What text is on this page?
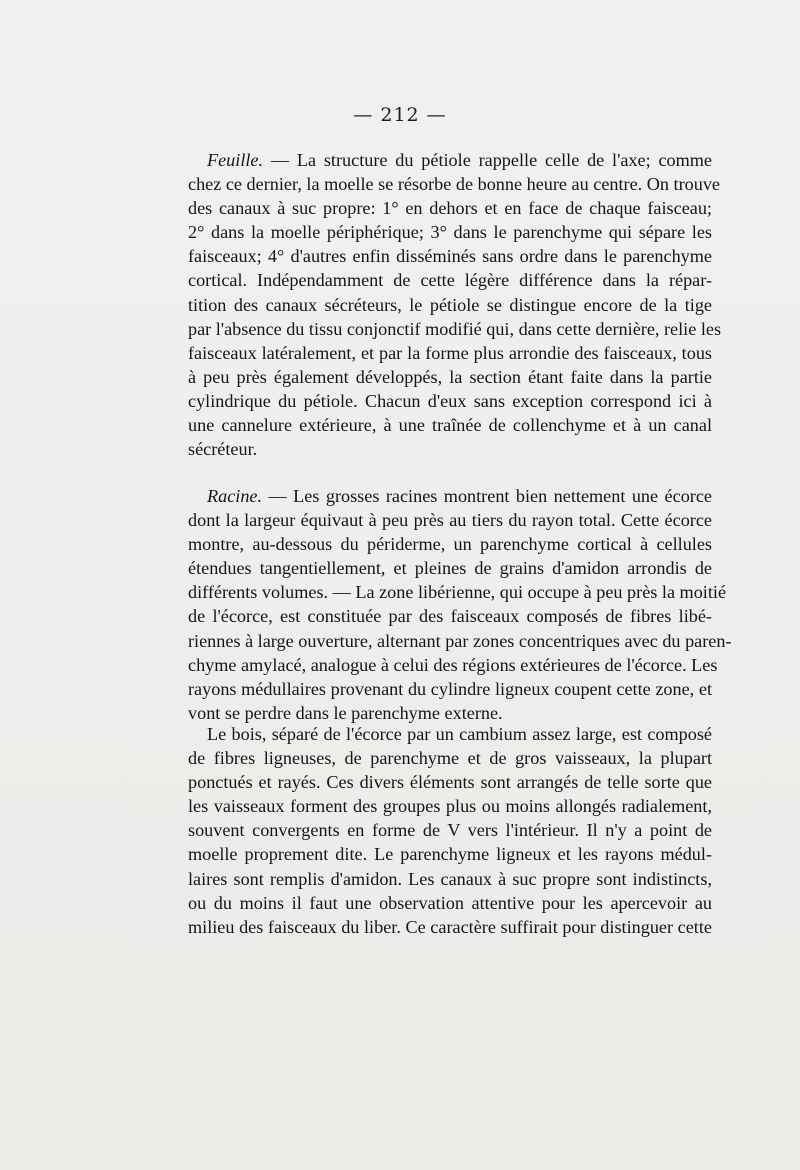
— 212 —
Feuille. — La structure du pétiole rappelle celle de l'axe; comme
chez ce dernier, la moelle se résorbe de bonne heure au centre. On trouve
des canaux à suc propre: 1° en dehors et en face de chaque faisceau;
2° dans la moelle périphérique; 3° dans le parenchyme qui sépare les
faisceaux; 4° d'autres enfin disséminés sans ordre dans le parenchyme
cortical. Indépendamment de cette légère différence dans la répar-
tition des canaux sécréteurs, le pétiole se distingue encore de la tige
par l'absence du tissu conjonctif modifié qui, dans cette dernière, relie les
faisceaux latéralement, et par la forme plus arrondie des faisceaux, tous
à peu près également développés, la section étant faite dans la partie
cylindrique du pétiole. Chacun d'eux sans exception correspond ici à
une cannelure extérieure, à une traînée de collenchyme et à un canal
sécréteur.
Racine. — Les grosses racines montrent bien nettement une écorce
dont la largeur équivaut à peu près au tiers du rayon total. Cette écorce
montre, au-dessous du périderme, un parenchyme cortical à cellules
étendues tangentiellement, et pleines de grains d'amidon arrondis de
différents volumes. — La zone libérienne, qui occupe à peu près la moitié
de l'écorce, est constituée par des faisceaux composés de fibres libé-
riennes à large ouverture, alternant par zones concentriques avec du paren-
chyme amylacé, analogue à celui des régions extérieures de l'écorce. Les
rayons médullaires provenant du cylindre ligneux coupent cette zone, et
vont se perdre dans le parenchyme externe.
Le bois, séparé de l'écorce par un cambium assez large, est composé
de fibres ligneuses, de parenchyme et de gros vaisseaux, la plupart
ponctués et rayés. Ces divers éléments sont arrangés de telle sorte que
les vaisseaux forment des groupes plus ou moins allongés radialement,
souvent convergents en forme de V vers l'intérieur. Il n'y a point de
moelle proprement dite. Le parenchyme ligneux et les rayons médul-
laires sont remplis d'amidon. Les canaux à suc propre sont indistincts,
ou du moins il faut une observation attentive pour les apercevoir au
milieu des faisceaux du liber. Ce caractère suffirait pour distinguer cette
